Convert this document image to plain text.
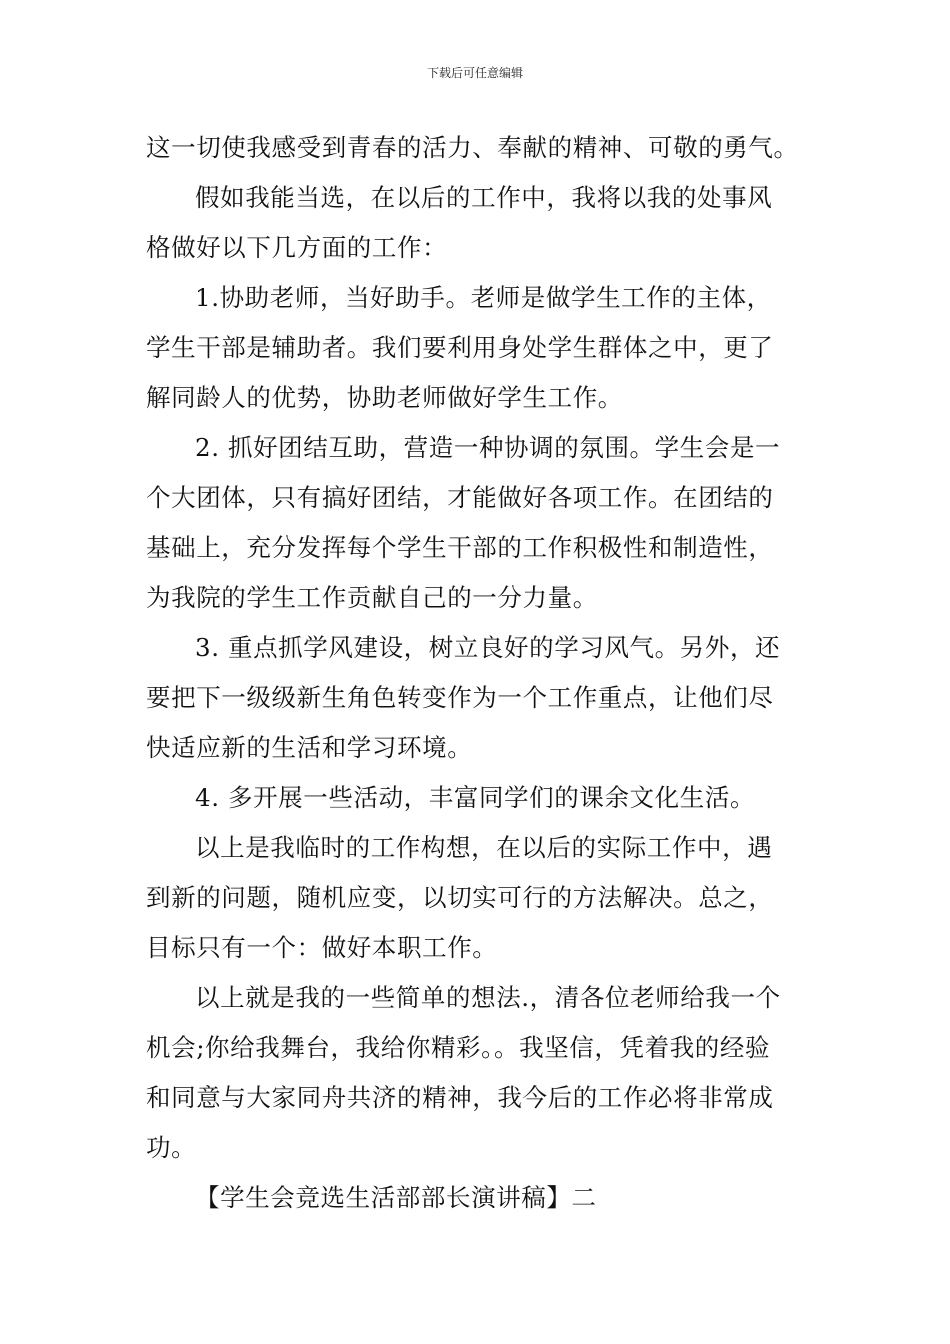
下载后可任意编辑
这一切使我感受到青春的活力、奉献的精神、可敬的勇气。
假如我能当选，在以后的工作中，我将以我的处事风
格做好以下几方面的工作：
1.协助老师，当好助手。老师是做学生工作的主体，
学生干部是辅助者。我们要利用身处学生群体之中，更了
解同龄人的优势，协助老师做好学生工作。
2. 抓好团结互助，营造一种协调的氛围。学生会是一
个大团体，只有搞好团结，才能做好各项工作。在团结的
基础上，充分发挥每个学生干部的工作积极性和制造性，
为我院的学生工作贡献自己的一分力量。
3. 重点抓学风建设，树立良好的学习风气。另外，还
要把下一级级新生角色转变作为一个工作重点，让他们尽
快适应新的生活和学习环境。
4. 多开展一些活动，丰富同学们的课余文化生活。
以上是我临时的工作构想，在以后的实际工作中，遇
到新的问题，随机应变，以切实可行的方法解决。总之，
目标只有一个：做好本职工作。
以上就是我的一些简单的想法.，清各位老师给我一个
机会;你给我舞台，我给你精彩。。我坚信，凭着我的经验
和同意与大家同舟共济的精神，我今后的工作必将非常成
功。
【学生会竞选生活部部长演讲稿】二
